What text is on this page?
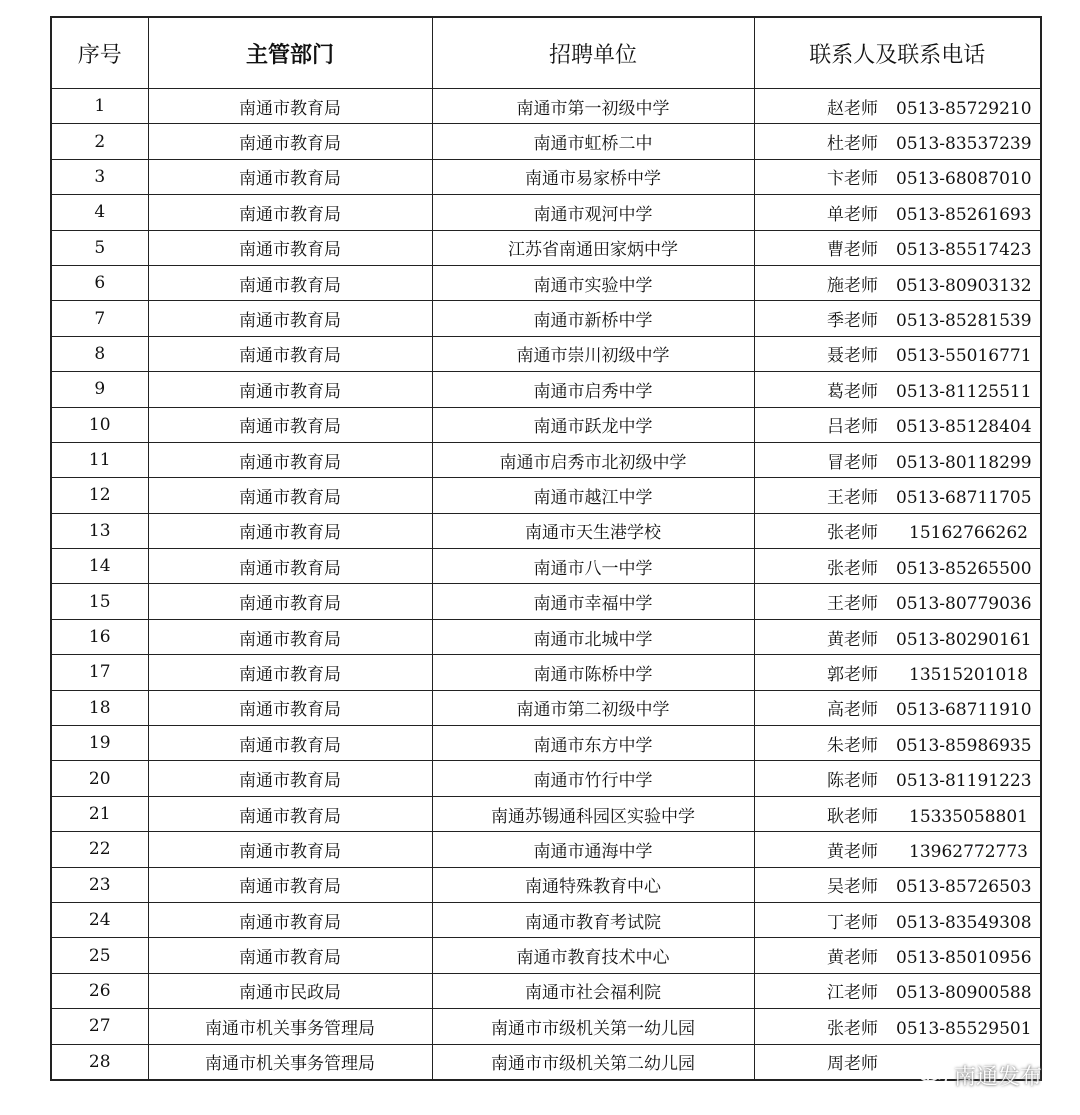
序号	主管部门	招聘单位	联系人及联系电话
1	南通市教育局	南通市第一初级中学	赵老师 0513-85729210
2	南通市教育局	南通市虹桥二中	杜老师 0513-83537239
3	南通市教育局	南通市易家桥中学	卞老师 0513-68087010
4	南通市教育局	南通市观河中学	单老师 0513-85261693
5	南通市教育局	江苏省南通田家炳中学	曹老师 0513-85517423
6	南通市教育局	南通市实验中学	施老师 0513-80903132
7	南通市教育局	南通市新桥中学	季老师 0513-85281539
8	南通市教育局	南通市崇川初级中学	聂老师 0513-55016771
9	南通市教育局	南通市启秀中学	葛老师 0513-81125511
10	南通市教育局	南通市跃龙中学	吕老师 0513-85128404
11	南通市教育局	南通市启秀市北初级中学	冒老师 0513-80118299
12	南通市教育局	南通市越江中学	王老师 0513-68711705
13	南通市教育局	南通市天生港学校	张老师 15162766262
14	南通市教育局	南通市八一中学	张老师 0513-85265500
15	南通市教育局	南通市幸福中学	王老师 0513-80779036
16	南通市教育局	南通市北城中学	黄老师 0513-80290161
17	南通市教育局	南通市陈桥中学	郭老师 13515201018
18	南通市教育局	南通市第二初级中学	高老师 0513-68711910
19	南通市教育局	南通市东方中学	朱老师 0513-85986935
20	南通市教育局	南通市竹行中学	陈老师 0513-81191223
21	南通市教育局	南通苏锡通科园区实验中学	耿老师 15335058801
22	南通市教育局	南通市通海中学	黄老师 13962772773
23	南通市教育局	南通特殊教育中心	吴老师 0513-85726503
24	南通市教育局	南通市教育考试院	丁老师 0513-83549308
25	南通市教育局	南通市教育技术中心	黄老师 0513-85010956
26	南通市民政局	南通市社会福利院	江老师 0513-80900588
27	南通市机关事务管理局	南通市市级机关第一幼儿园	张老师 0513-85529501
28	南通市机关事务管理局	南通市市级机关第二幼儿园	周老师
南通发布
